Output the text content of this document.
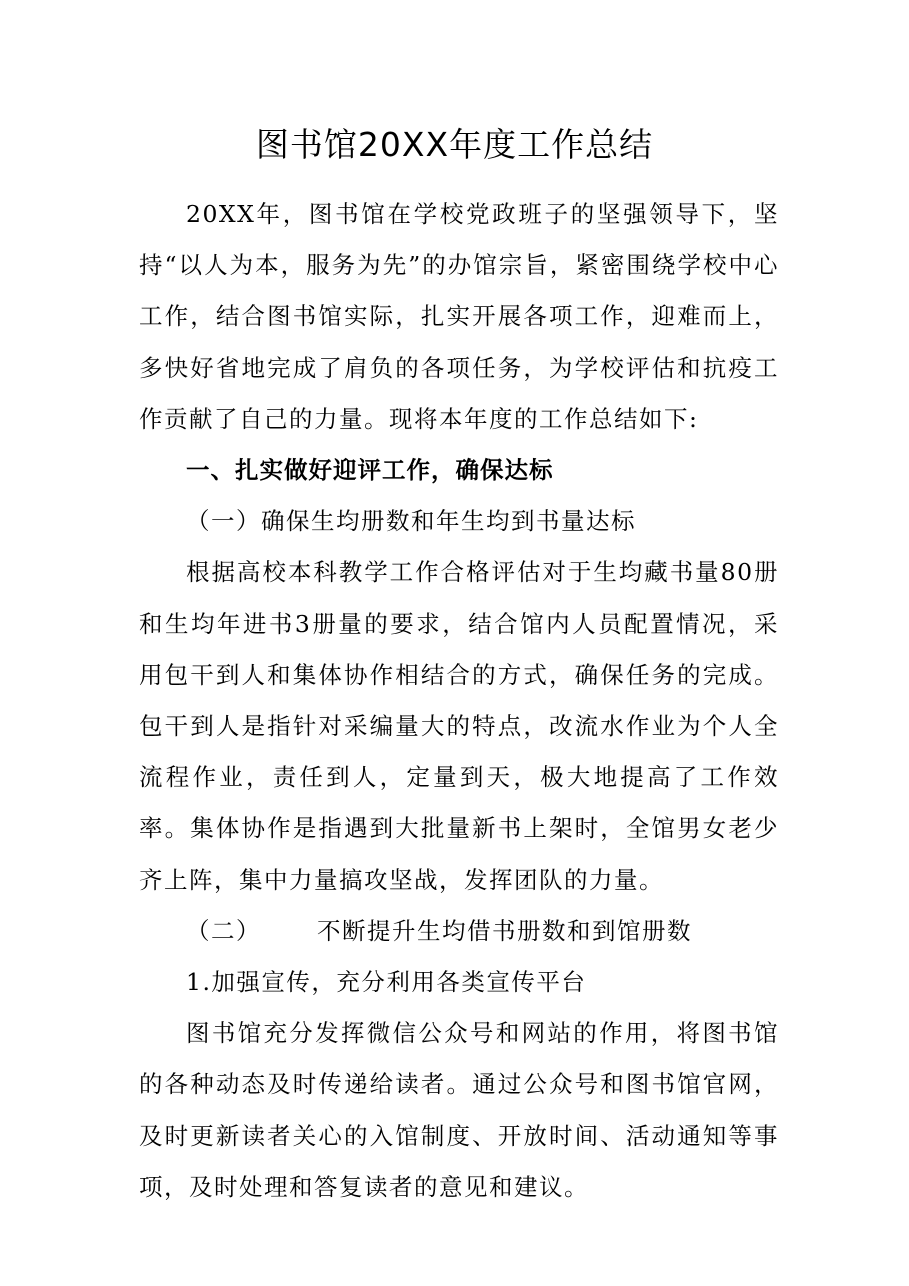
图书馆20XX年度工作总结

20XX年，图书馆在学校党政班子的坚强领导下，坚持“以人为本，服务为先”的办馆宗旨，紧密围绕学校中心工作，结合图书馆实际，扎实开展各项工作，迎难而上，多快好省地完成了肩负的各项任务，为学校评估和抗疫工作贡献了自己的力量。现将本年度的工作总结如下:

一、扎实做好迎评工作，确保达标

（一）确保生均册数和年生均到书量达标

根据高校本科教学工作合格评估对于生均藏书量80册和生均年进书3册量的要求，结合馆内人员配置情况，采用包干到人和集体协作相结合的方式，确保任务的完成。包干到人是指针对采编量大的特点，改流水作业为个人全流程作业，责任到人，定量到天，极大地提高了工作效率。集体协作是指遇到大批量新书上架时，全馆男女老少齐上阵，集中力量搞攻坚战，发挥团队的力量。

（二） 不断提升生均借书册数和到馆册数

1.加强宣传，充分利用各类宣传平台

图书馆充分发挥微信公众号和网站的作用，将图书馆的各种动态及时传递给读者。通过公众号和图书馆官网，及时更新读者关心的入馆制度、开放时间、活动通知等事项，及时处理和答复读者的意见和建议。
